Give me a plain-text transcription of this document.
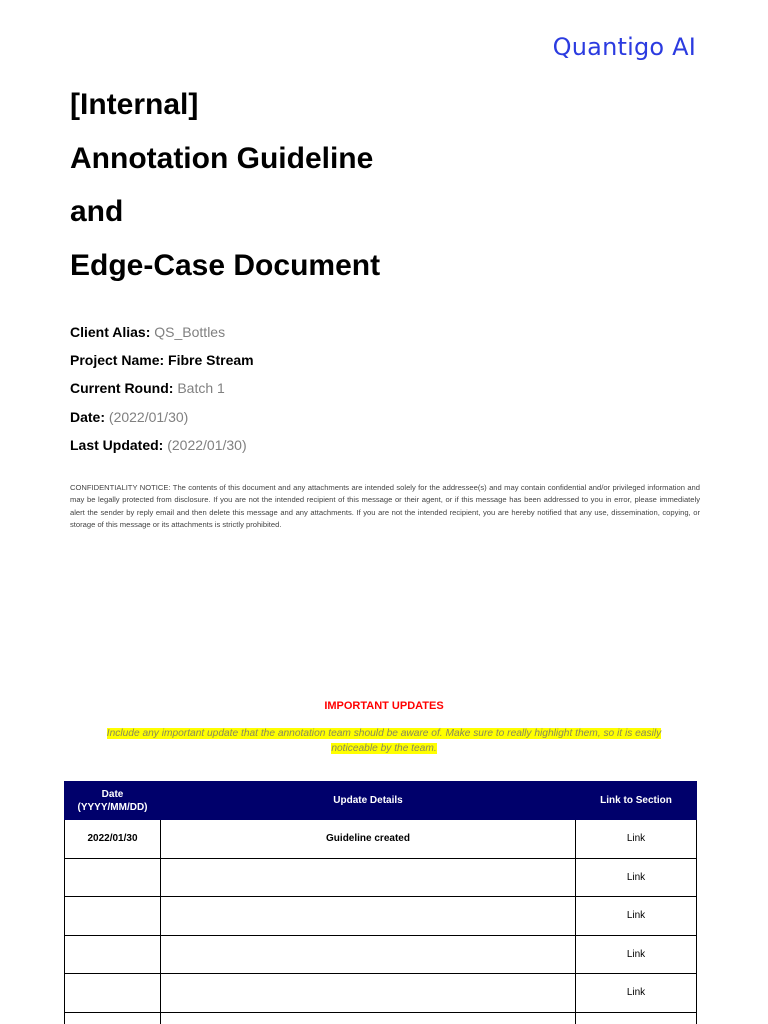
Quantigo AI

[Internal]

Annotation Guideline

and

Edge-Case Document

Client Alias: QS_Bottles
Project Name: Fibre Stream
Current Round: Batch 1
Date: (2022/01/30)
Last Updated: (2022/01/30)
CONFIDENTIALITY NOTICE: The contents of this document and any attachments are intended solely for the addressee(s) and may contain confidential and/or privileged information and may be legally protected from disclosure. If you are not the intended recipient of this message or their agent, or if this message has been addressed to you in error, please immediately alert the sender by reply email and then delete this message and any attachments. If you are not the intended recipient, you are hereby notified that any use, dissemination, copying, or storage of this message or its attachments is strictly prohibited.
IMPORTANT UPDATES
Include any important update that the annotation team should be aware of. Make sure to really highlight them, so it is easily noticeable by the team.
Date
(YYYY/MM/DD)	Update Details	Link to Section
2022/01/30	Guideline created	Link
		Link
		Link
		Link
		Link
